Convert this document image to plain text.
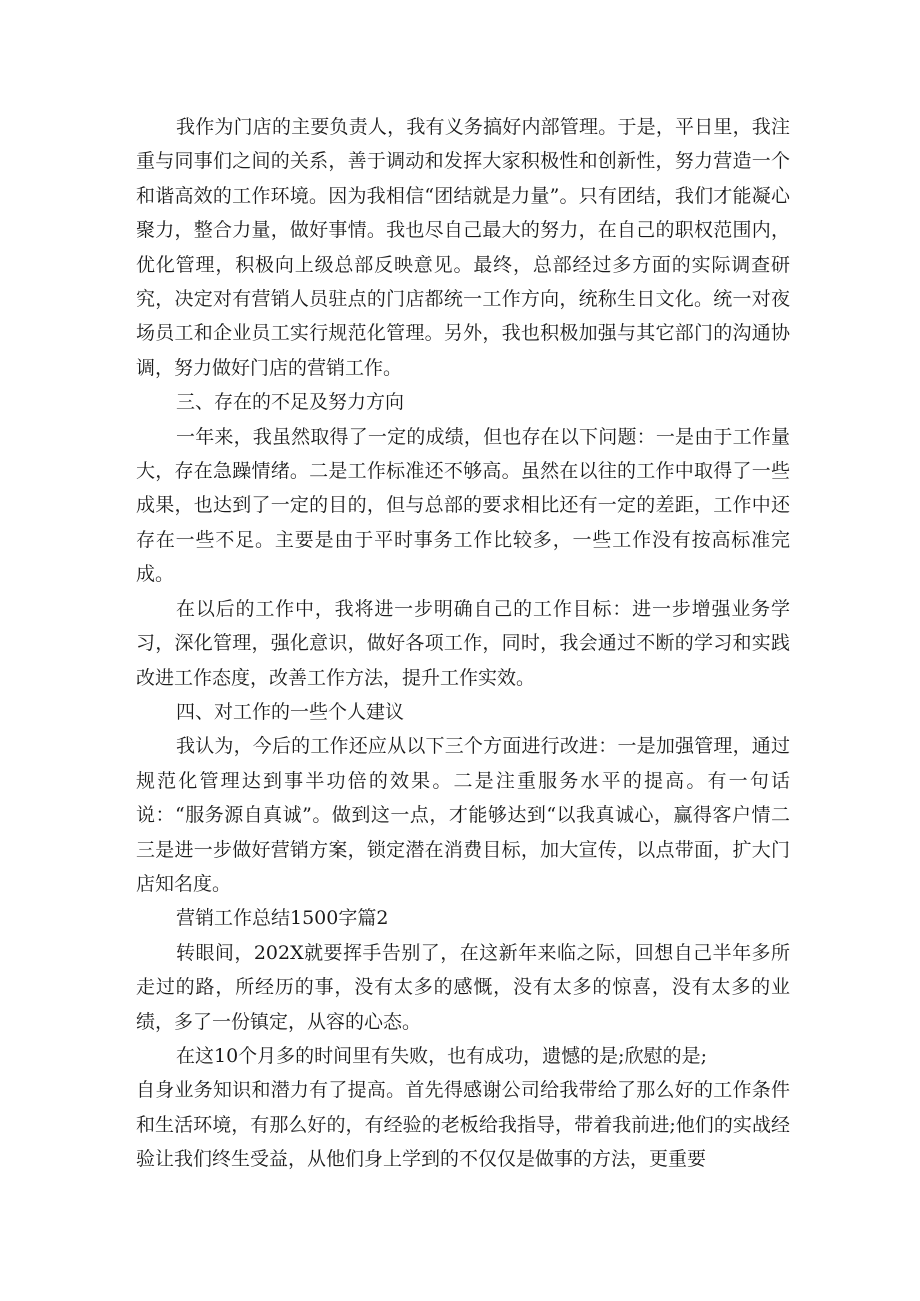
我作为门店的主要负责人，我有义务搞好内部管理。于是，平日里，我注重与同事们之间的关系，善于调动和发挥大家积极性和创新性，努力营造一个和谐高效的工作环境。因为我相信“团结就是力量”。只有团结，我们才能凝心聚力，整合力量，做好事情。我也尽自己最大的努力，在自己的职权范围内，优化管理，积极向上级总部反映意见。最终，总部经过多方面的实际调查研究，决定对有营销人员驻点的门店都统一工作方向，统称生日文化。统一对夜场员工和企业员工实行规范化管理。另外，我也积极加强与其它部门的沟通协调，努力做好门店的营销工作。

三、存在的不足及努力方向

一年来，我虽然取得了一定的成绩，但也存在以下问题：一是由于工作量大，存在急躁情绪。二是工作标准还不够高。虽然在以往的工作中取得了一些成果，也达到了一定的目的，但与总部的要求相比还有一定的差距，工作中还存在一些不足。主要是由于平时事务工作比较多，一些工作没有按高标准完成。

在以后的工作中，我将进一步明确自己的工作目标：进一步增强业务学习，深化管理，强化意识，做好各项工作，同时，我会通过不断的学习和实践改进工作态度，改善工作方法，提升工作实效。

四、对工作的一些个人建议

我认为，今后的工作还应从以下三个方面进行改进：一是加强管理，通过规范化管理达到事半功倍的效果。二是注重服务水平的提高。有一句话说：“服务源自真诚”。做到这一点，才能够达到“以我真诚心，赢得客户情二三是进一步做好营销方案，锁定潜在消费目标，加大宣传，以点带面，扩大门店知名度。

营销工作总结1500字篇2

转眼间，202X就要挥手告别了，在这新年来临之际，回想自己半年多所走过的路，所经历的事，没有太多的感慨，没有太多的惊喜，没有太多的业绩，多了一份镇定，从容的心态。

在这10个月多的时间里有失败，也有成功，遗憾的是;欣慰的是;

自身业务知识和潜力有了提高。首先得感谢公司给我带给了那么好的工作条件和生活环境，有那么好的，有经验的老板给我指导，带着我前进;他们的实战经验让我们终生受益，从他们身上学到的不仅仅是做事的方法，更重要
